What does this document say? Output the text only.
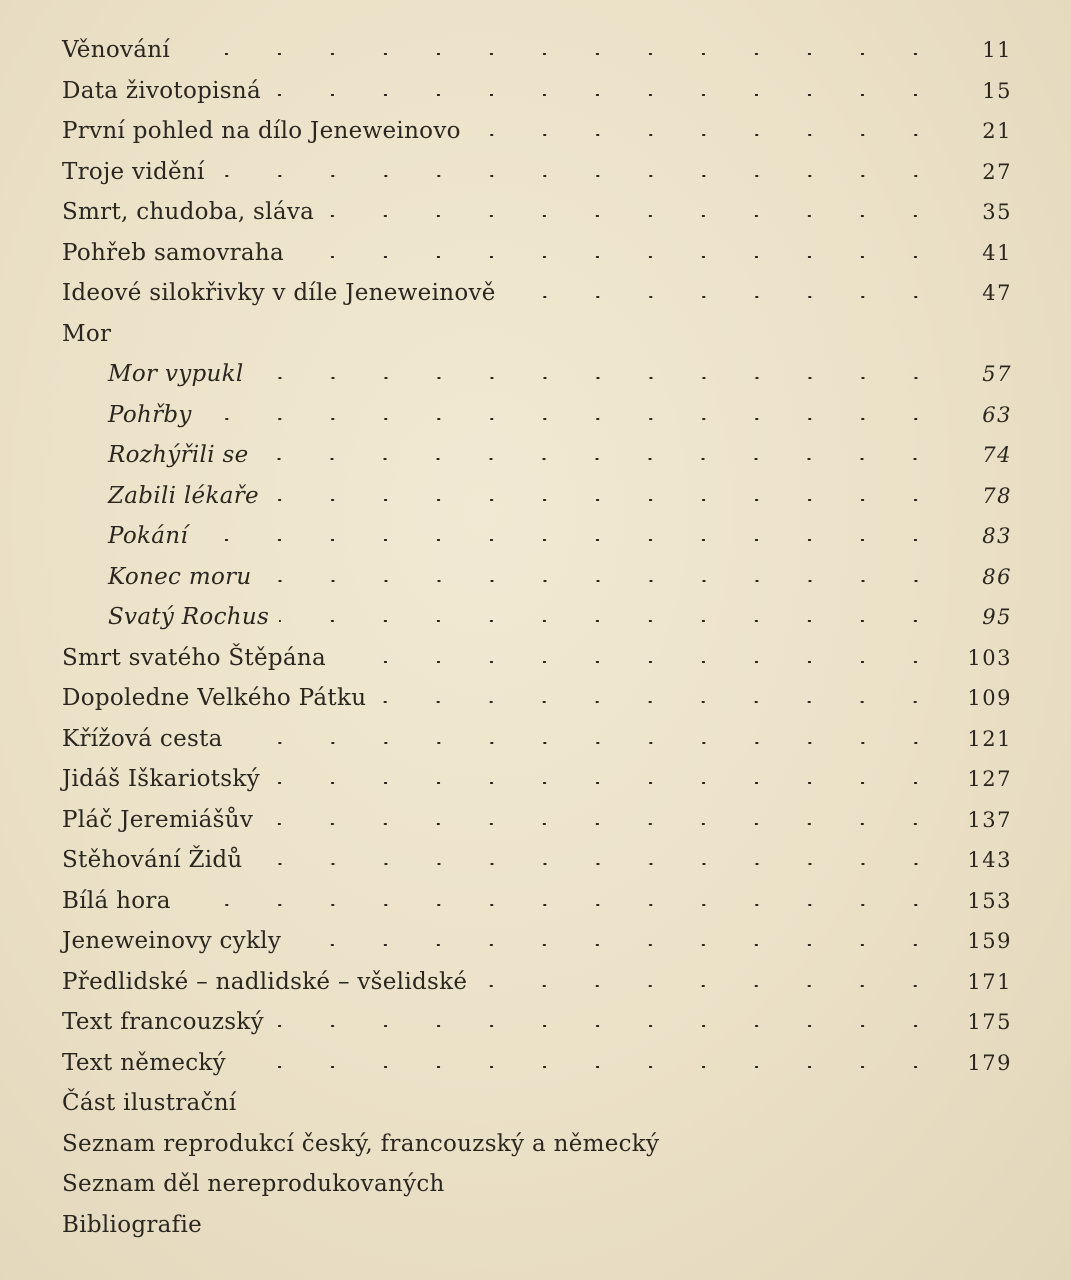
Věnování	11
Data životopisná	15
První pohled na dílo Jeneweinovo	21
Troje vidění	27
Smrt, chudoba, sláva	35
Pohřeb samovraha	41
Ideové silokřivky v díle Jeneweinově	47
Mor
Mor vypukl	57
Pohřby	63
Rozhýřili se	74
Zabili lékaře	78
Pokání	83
Konec moru	86
Svatý Rochus	95
Smrt svatého Štěpána	103
Dopoledne Velkého Pátku	109
Křížová cesta	121
Jidáš Iškariotský	127
Pláč Jeremiášův	137
Stěhování Židů	143
Bílá hora	153
Jeneweinovy cykly	159
Předlidské – nadlidské – všelidské	171
Text francouzský	175
Text německý	179
Část ilustrační
Seznam reprodukcí český, francouzský a německý
Seznam děl nereprodukovaných
Bibliografie
